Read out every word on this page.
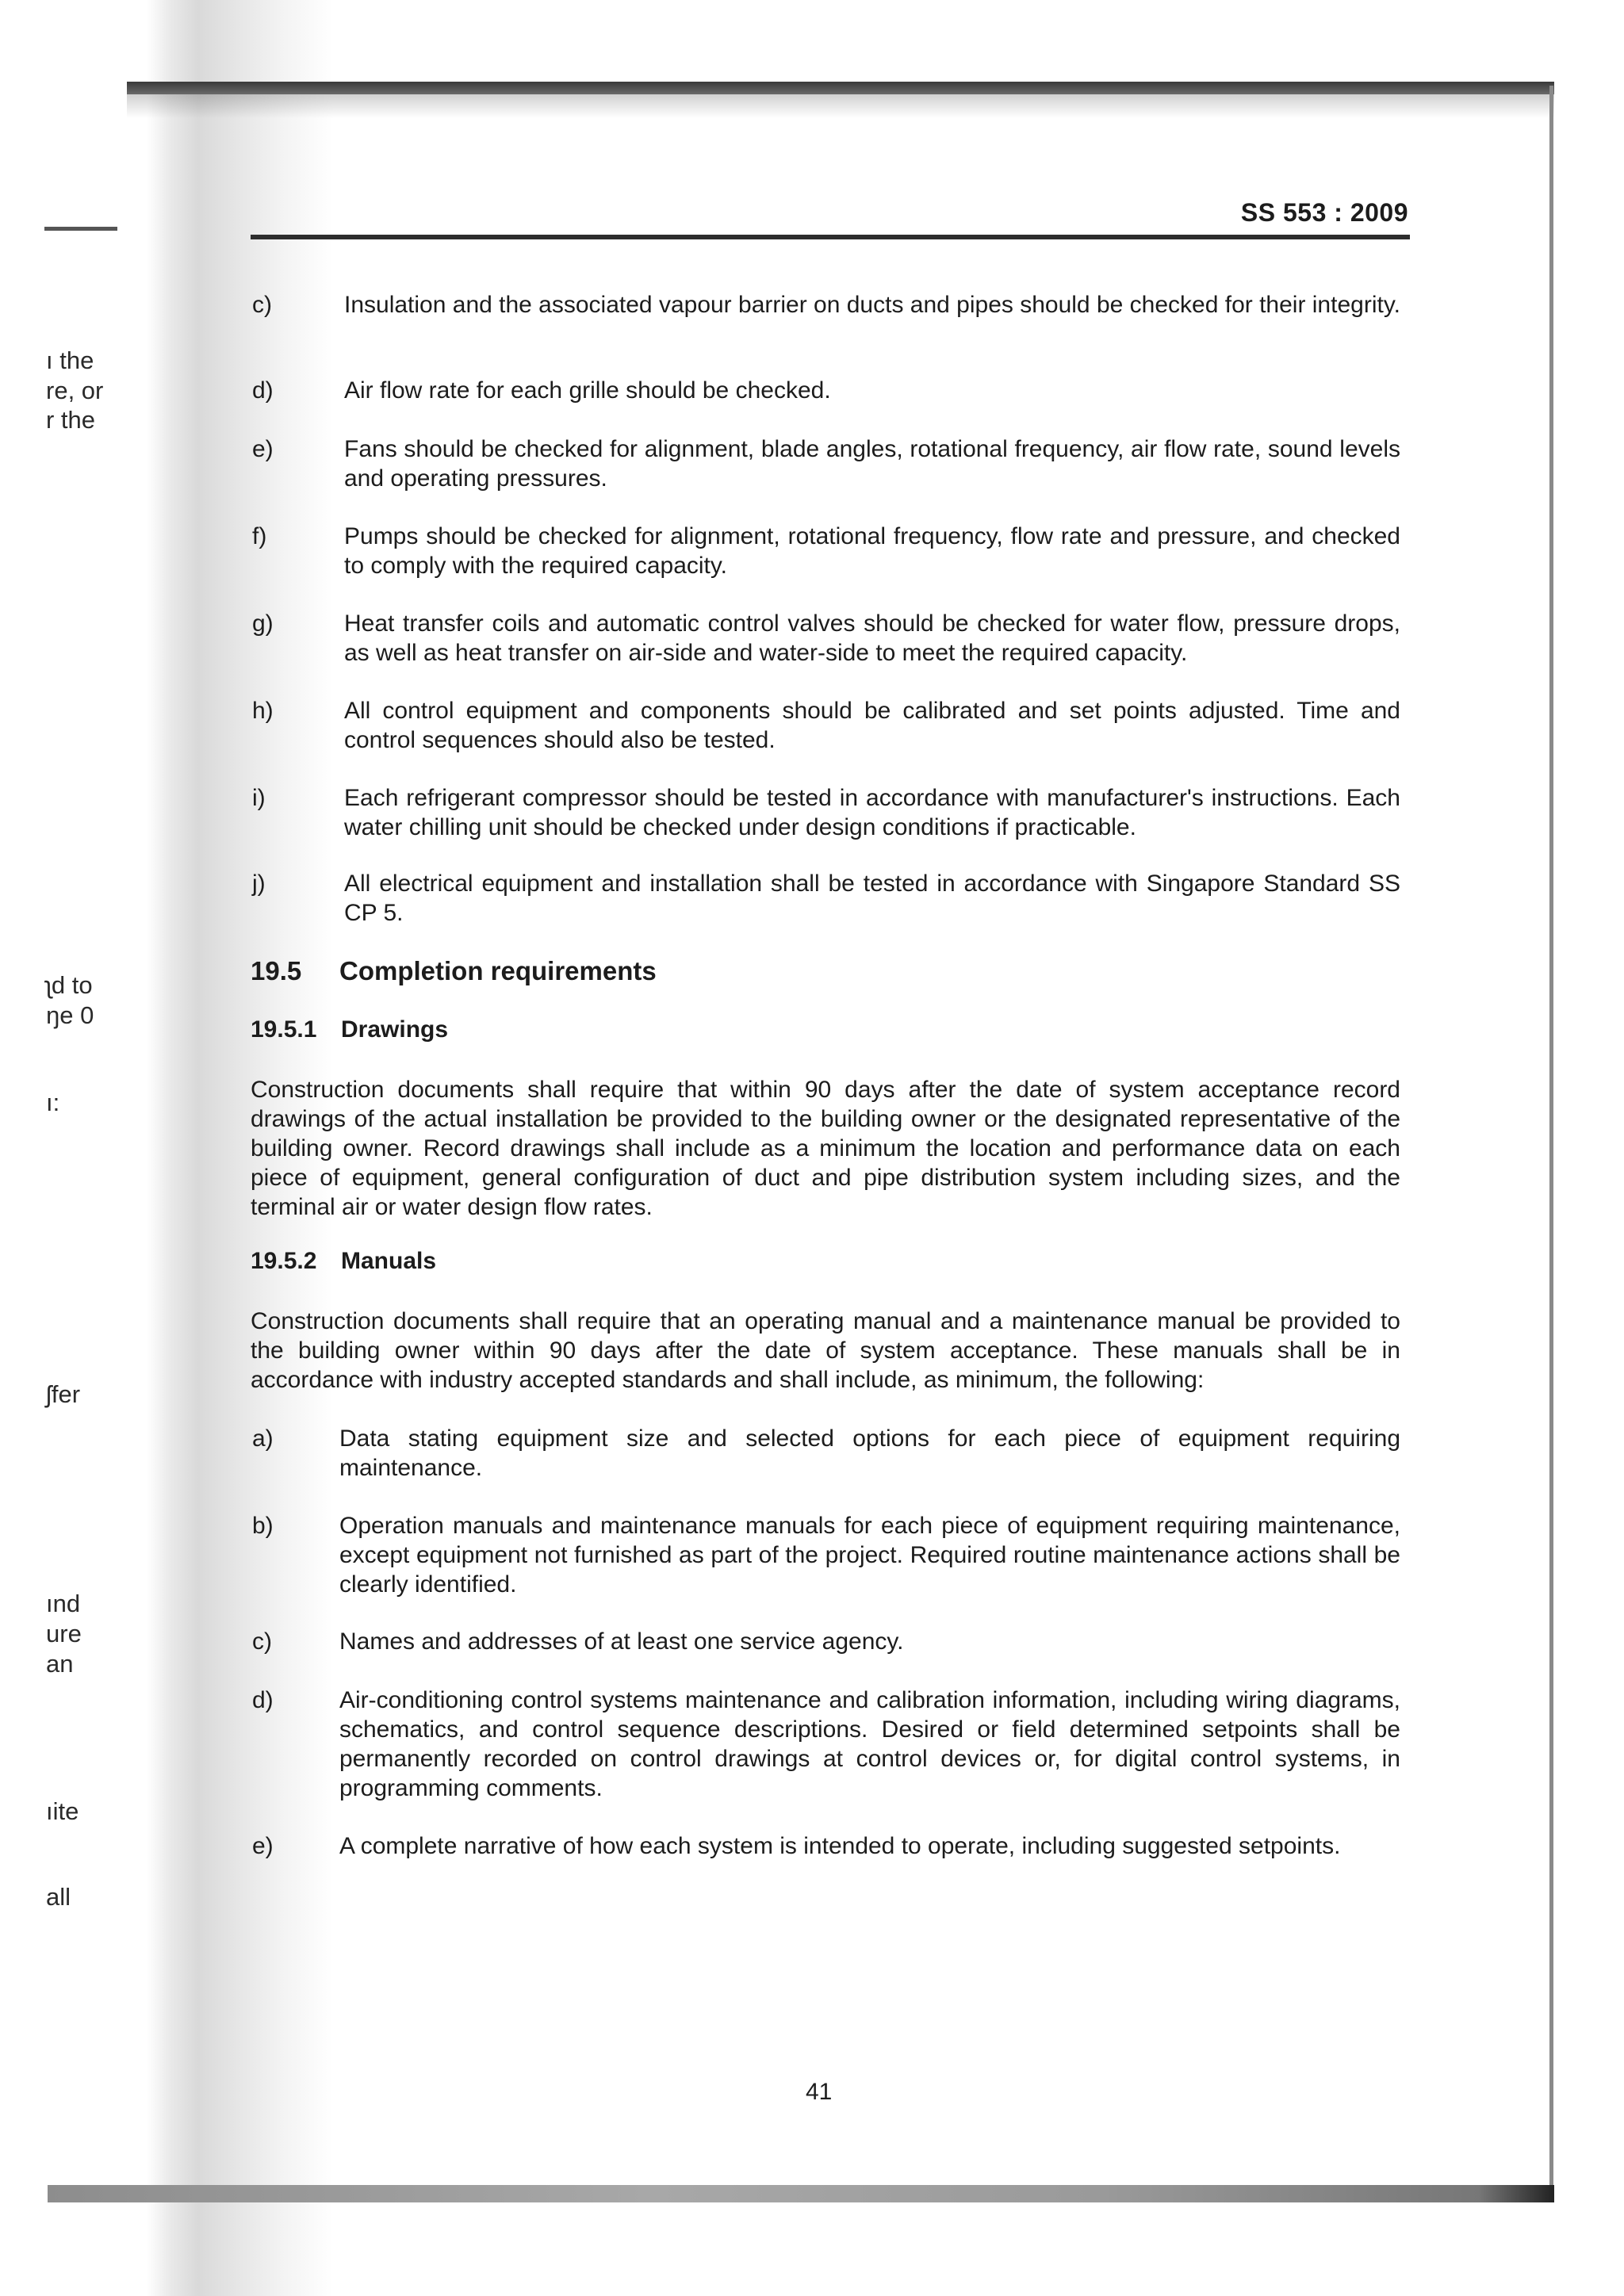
ı the
re, or
r the
ʅd to
ŋe 0
ı:
ʃfer
ınd
ure
an
ıite
all
SS 553 : 2009
c)	Insulation and the associated vapour barrier on ducts and pipes should be checked for their integrity.
d)	Air flow rate for each grille should be checked.
e)	Fans should be checked for alignment, blade angles, rotational frequency, air flow rate, sound levels and operating pressures.
f)	Pumps should be checked for alignment, rotational frequency, flow rate and pressure, and checked to comply with the required capacity.
g)	Heat transfer coils and automatic control valves should be checked for water flow, pressure drops, as well as heat transfer on air-side and water-side to meet the required capacity.
h)	All control equipment and components should be calibrated and set points adjusted. Time and control sequences should also be tested.
i)	Each refrigerant compressor should be tested in accordance with manufacturer's instructions. Each water chilling unit should be checked under design conditions if practicable.
j)	All electrical equipment and installation shall be tested in accordance with Singapore Standard SS CP 5.
19.5 Completion requirements
19.5.1 Drawings
Construction documents shall require that within 90 days after the date of system acceptance record drawings of the actual installation be provided to the building owner or the designated representative of the building owner. Record drawings shall include as a minimum the location and performance data on each piece of equipment, general configuration of duct and pipe distribution system including sizes, and the terminal air or water design flow rates.
19.5.2 Manuals
Construction documents shall require that an operating manual and a maintenance manual be provided to the building owner within 90 days after the date of system acceptance. These manuals shall be in accordance with industry accepted standards and shall include, as minimum, the following:
a)	Data stating equipment size and selected options for each piece of equipment requiring maintenance.
b)	Operation manuals and maintenance manuals for each piece of equipment requiring maintenance, except equipment not furnished as part of the project. Required routine maintenance actions shall be clearly identified.
c)	Names and addresses of at least one service agency.
d)	Air-conditioning control systems maintenance and calibration information, including wiring diagrams, schematics, and control sequence descriptions. Desired or field determined setpoints shall be permanently recorded on control drawings at control devices or, for digital control systems, in programming comments.
e)	A complete narrative of how each system is intended to operate, including suggested setpoints.
41
